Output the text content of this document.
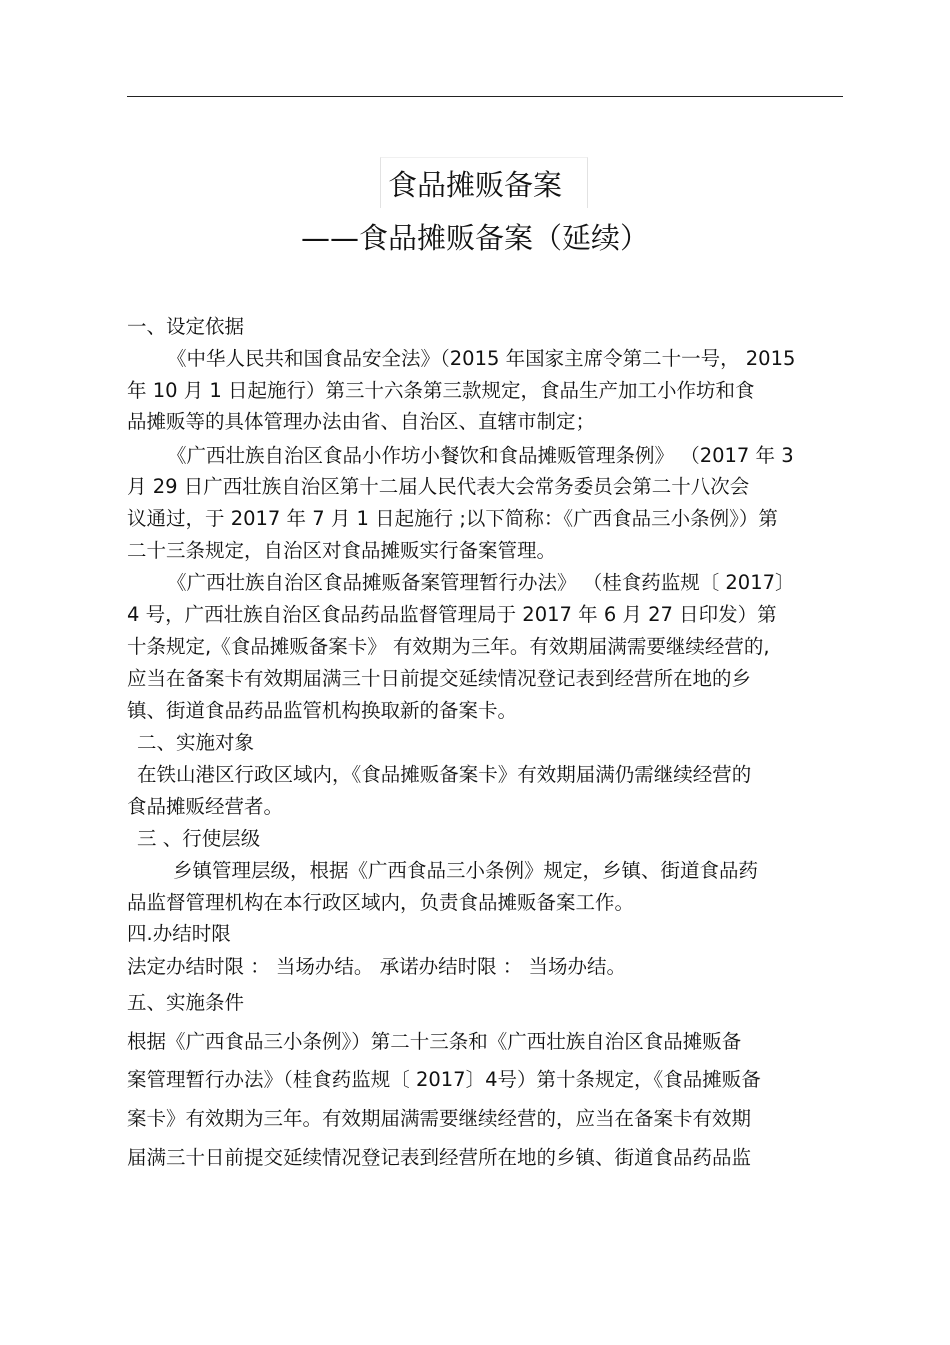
食品摊贩备案
——食品摊贩备案（延续）
一、设定依据
《中华人民共和国食品安全法》（2015 年国家主席令第二十一号， 2015
年 10 月 1 日起施行）第三十六条第三款规定，食品生产加工小作坊和食
品摊贩等的具体管理办法由省、自治区、直辖市制定；
《广西壮族自治区食品小作坊小餐饮和食品摊贩管理条例》 （2017 年 3
月 29 日广西壮族自治区第十二届人民代表大会常务委员会第二十八次会
议通过，于 2017 年 7 月 1 日起施行 ;以下简称：《广西食品三小条例》）第
二十三条规定，自治区对食品摊贩实行备案管理。
《广西壮族自治区食品摊贩备案管理暂行办法》 （桂食药监规〔 2017〕
4 号，广西壮族自治区食品药品监督管理局于 2017 年 6 月 27 日印发）第
十条规定,《食品摊贩备案卡》 有效期为三年。有效期届满需要继续经营的,
应当在备案卡有效期届满三十日前提交延续情况登记表到经营所在地的乡
镇、街道食品药品监管机构换取新的备案卡。
二、实施对象
在铁山港区行政区域内，《食品摊贩备案卡》有效期届满仍需继续经营的
食品摊贩经营者。
三 、行使层级
乡镇管理层级，根据《广西食品三小条例》规定，乡镇、街道食品药
品监督管理机构在本行政区域内，负责食品摊贩备案工作。
四.办结时限
法定办结时限 ： 当场办结。 承诺办结时限 ： 当场办结。
五、实施条件
根据《广西食品三小条例》）第二十三条和《广西壮族自治区食品摊贩备
案管理暂行办法》（桂食药监规〔 2017〕4号）第十条规定，《食品摊贩备
案卡》有效期为三年。有效期届满需要继续经营的，应当在备案卡有效期
届满三十日前提交延续情况登记表到经营所在地的乡镇、街道食品药品监
